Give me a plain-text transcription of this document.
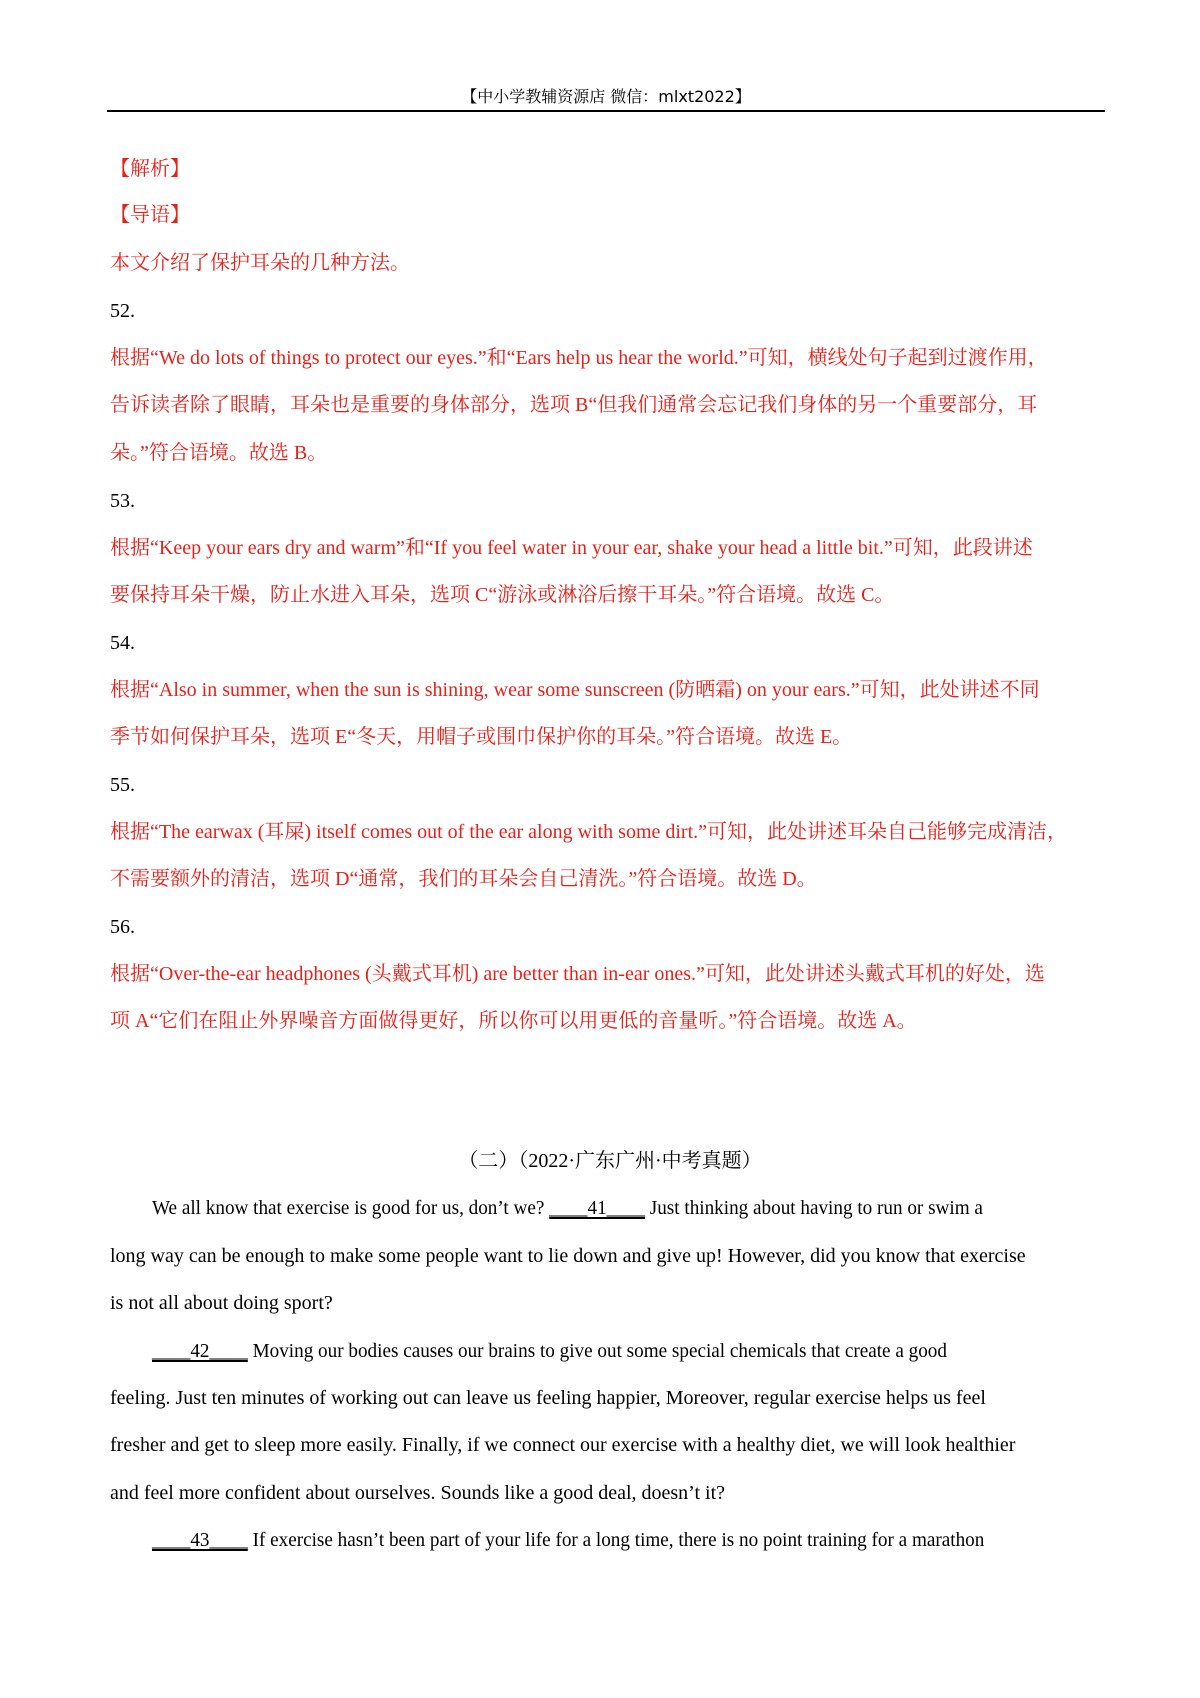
【中小学教辅资源店 微信：mlxt2022】
【解析】
【导语】
本文介绍了保护耳朵的几种方法。
52.
根据“We do lots of things to protect our eyes.”和“Ears help us hear the world.”可知，横线处句子起到过渡作用，
告诉读者除了眼睛，耳朵也是重要的身体部分，选项 B“但我们通常会忘记我们身体的另一个重要部分，耳
朵。”符合语境。故选 B。
53.
根据“Keep your ears dry and warm”和“If you feel water in your ear, shake your head a little bit.”可知，此段讲述
要保持耳朵干燥，防止水进入耳朵，选项 C“游泳或淋浴后擦干耳朵。”符合语境。故选 C。
54.
根据“Also in summer, when the sun is shining, wear some sunscreen (防晒霜) on your ears.”可知，此处讲述不同
季节如何保护耳朵，选项 E“冬天，用帽子或围巾保护你的耳朵。”符合语境。故选 E。
55.
根据“The earwax (耳屎) itself comes out of the ear along with some dirt.”可知，此处讲述耳朵自己能够完成清洁，
不需要额外的清洁，选项 D“通常，我们的耳朵会自己清洗。”符合语境。故选 D。
56.
根据“Over-the-ear headphones (头戴式耳机) are better than in-ear ones.”可知，此处讲述头戴式耳机的好处，选
项 A“它们在阻止外界噪音方面做得更好，所以你可以用更低的音量听。”符合语境。故选 A。
（二）（2022·广东广州·中考真题）
We all know that exercise is good for us, don’t we? ____41____ Just thinking about having to run or swim a
long way can be enough to make some people want to lie down and give up! However, did you know that exercise
is not all about doing sport?
____42____ Moving our bodies causes our brains to give out some special chemicals that create a good
feeling. Just ten minutes of working out can leave us feeling happier, Moreover, regular exercise helps us feel
fresher and get to sleep more easily. Finally, if we connect our exercise with a healthy diet, we will look healthier
and feel more confident about ourselves. Sounds like a good deal, doesn’t it?
____43____ If exercise hasn’t been part of your life for a long time, there is no point training for a marathon
